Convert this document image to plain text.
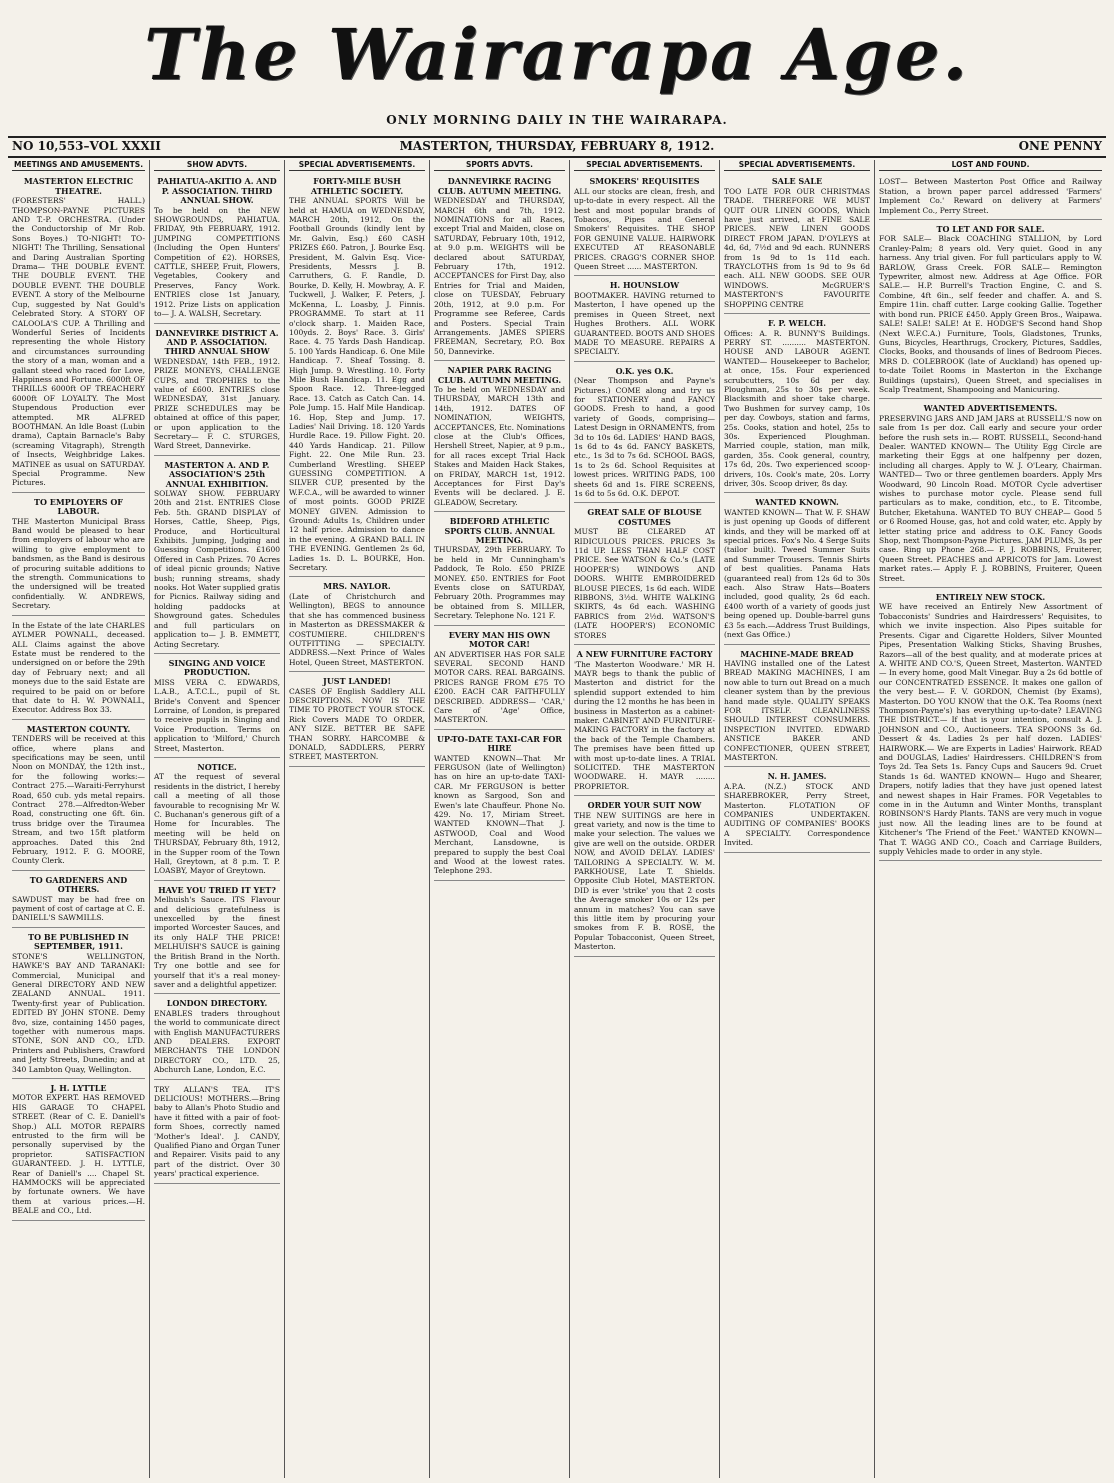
The Wairarapa Age.
ONLY MORNING DAILY IN THE WAIRARAPA.
NO 10,553–VOL XXXII	MASTERTON, THURSDAY, FEBRUARY 8, 1912.	ONE PENNY
MEETINGS AND AMUSEMENTS.
MASTERTON ELECTRIC THEATRE.
(FORESTERS' HALL.) THOMPSON-PAYNE PICTURES AND T.-P. ORCHESTRA. (Under the Conductorship of Mr Rob. Sons Boyes.) TO-NIGHT! TO-NIGHT! The Thrilling, Sensational and Daring Australian Sporting Drama— THE DOUBLE EVENT. THE DOUBLE EVENT. THE DOUBLE EVENT. THE DOUBLE EVENT. A story of the Melbourne Cup, suggested by Nat Gould's Celebrated Story. A STORY OF CALOOLA'S CUP. A Thrilling and Wonderful Series of Incidents representing the whole History and circumstances surrounding the story of a man, woman and a gallant steed who raced for Love, Happiness and Fortune. 6000ft OF THRILLS 6000ft OF TREACHERY 6000ft OF LOYALTY. The Most Stupendous Production ever attempted. MR ALFRED BOOTHMAN. An Idle Boast (Lubin drama), Captain Barnacle's Baby (screaming Vitagraph), Strength of Insects, Weighbridge Lakes. MATINEE as usual on SATURDAY. Special Programme. New Pictures.
TO EMPLOYERS OF LABOUR.
THE Masterton Municipal Brass Band would be pleased to hear from employers of labour who are willing to give employment to bandsmen, as the Band is desirous of procuring suitable additions to the strength. Communications to the undersigned will be treated confidentially. W. ANDREWS, Secretary.
In the Estate of the late CHARLES AYLMER POWNALL, deceased. ALL Claims against the above Estate must be rendered to the undersigned on or before the 29th day of February next; and all moneys due to the said Estate are required to be paid on or before that date to H. W. POWNALL, Executor. Address Box 33.
MASTERTON COUNTY.
TENDERS will be received at this office, where plans and specifications may be seen, until Noon on MONDAY, the 12th inst., for the following works:— Contract 275.—Waraiti-Ferryhurst Road, 650 cub. yds metal repairs. Contract 278.—Alfredton-Weber Road, constructing one 6ft. 6in. truss bridge over the Tiraumea Stream, and two 15ft platform approaches. Dated this 2nd February, 1912. F. G. MOORE, County Clerk.
TO GARDENERS AND OTHERS.
SAWDUST may be had free on payment of cost of cartage at C. E. DANIELL'S SAWMILLS.
TO BE PUBLISHED IN SEPTEMBER, 1911.
STONE'S WELLINGTON, HAWKE'S BAY AND TARANAKI: Commercial, Municipal and General DIRECTORY AND NEW ZEALAND ANNUAL. 1911. Twenty-first year of Publication. EDITED BY JOHN STONE. Demy 8vo, size, containing 1450 pages, together with numerous maps. STONE, SON AND CO., LTD. Printers and Publishers, Crawford and Jetty Streets, Dunedin; and at 340 Lambton Quay, Wellington.
J. H. LYTTLE
MOTOR EXPERT. HAS REMOVED HIS GARAGE TO CHAPEL STREET. (Rear of C. E. Daniell's Shop.) ALL MOTOR REPAIRS entrusted to the firm will be personally supervised by the proprietor. SATISFACTION GUARANTEED. J. H. LYTTLE, Rear of Daniell's .... Chapel St. HAMMOCKS will be appreciated by fortunate owners. We have them at various prices.—H. BEALE and CO., Ltd.
SHOW ADVTS.
PAHIATUA-AKITIO A. AND P. ASSOCIATION. THIRD ANNUAL SHOW.
To be held on the NEW SHOWGROUNDS, PAHIATUA. FRIDAY, 9th FEBRUARY, 1912. JUMPING COMPETITIONS (Including the Open Hunters' Competition of £2). HORSES, CATTLE, SHEEP, Fruit, Flowers, Vegetables, Cookery and Preserves, Fancy Work. ENTRIES close 1st January, 1912. Prize Lists on application to— J. A. WALSH, Secretary.
DANNEVIRKE DISTRICT A. AND P. ASSOCIATION. THIRD ANNUAL SHOW
WEDNESDAY, 14th FEB., 1912. PRIZE MONEYS, CHALLENGE CUPS, and TROPHIES to the value of £600. ENTRIES close WEDNESDAY, 31st January. PRIZE SCHEDULES may be obtained at office of this paper, or upon application to the Secretary— F. C. STURGES, Ward Street, Dannevirke.
MASTERTON A. AND P. ASSOCIATION'S 25th ANNUAL EXHIBITION.
SOLWAY SHOW. FEBRUARY 20th and 21st. ENTRIES Close Feb. 5th. GRAND DISPLAY of Horses, Cattle, Sheep, Pigs, Produce, and Horticultural Exhibits. Jumping, Judging and Guessing Competitions. £1600 Offered in Cash Prizes. 70 Acres of ideal picnic grounds; Native bush; running streams, shady nooks. Hot Water supplied gratis for Picnics. Railway siding and holding paddocks at Showground gates. Schedules and full particulars on application to— J. B. EMMETT, Acting Secretary.
SINGING AND VOICE PRODUCTION.
MISS VERA C. EDWARDS, L.A.B., A.T.C.L., pupil of St. Bride's Convent and Spencer Lorraine, of London, is prepared to receive pupils in Singing and Voice Production. Terms on application to 'Milford,' Church Street, Masterton.
NOTICE.
AT the request of several residents in the district, I hereby call a meeting of all those favourable to recognising Mr W. C. Buchanan's generous gift of a Home for Incurables. The meeting will be held on THURSDAY, February 8th, 1912, in the Supper room of the Town Hall, Greytown, at 8 p.m. T. P. LOASBY, Mayor of Greytown.
HAVE YOU TRIED IT YET?
Melhuish's Sauce. ITS Flavour and delicious gratefulness is unexcelled by the finest imported Worcester Sauces, and its only HALF THE PRICE! MELHUISH'S SAUCE is gaining the British Brand in the North. Try one bottle and see for yourself that it's a real money-saver and a delightful appetizer.
LONDON DIRECTORY.
ENABLES traders throughout the world to communicate direct with English MANUFACTURERS AND DEALERS. EXPORT MERCHANTS THE LONDON DIRECTORY CO., LTD. 25, Abchurch Lane, London, E.C.
TRY ALLAN'S TEA. IT'S DELICIOUS! MOTHERS.—Bring baby to Allan's Photo Studio and have it fitted with a pair of foot-form Shoes, correctly named 'Mother's Ideal'. J. CANDY, Qualified Piano and Organ Tuner and Repairer. Visits paid to any part of the district. Over 30 years' practical experience.
SPECIAL ADVERTISEMENTS.
FORTY-MILE BUSH ATHLETIC SOCIETY.
THE ANNUAL SPORTS Will be held at HAMUA on WEDNESDAY, MARCH 20th, 1912, On the Football Grounds (kindly lent by Mr. Galvin, Esq.) £60 CASH PRIZES £60. Patron, J. Bourke Esq. President, M. Galvin Esq. Vice-Presidents, Messrs J. B. Carruthers, G. F. Randle, D. Bourke, D. Kelly, H. Mowbray, A. F. Tuckwell, J. Walker, F. Peters, J. McKenna, L. Loasby, J. Finnis. PROGRAMME. To start at 11 o'clock sharp. 1. Maiden Race, 100yds. 2. Boys' Race. 3. Girls' Race. 4. 75 Yards Dash Handicap. 5. 100 Yards Handicap. 6. One Mile Handicap. 7. Sheaf Tossing. 8. High Jump. 9. Wrestling. 10. Forty Mile Bush Handicap. 11. Egg and Spoon Race. 12. Three-legged Race. 13. Catch as Catch Can. 14. Pole Jump. 15. Half Mile Handicap. 16. Hop, Step and Jump. 17. Ladies' Nail Driving. 18. 120 Yards Hurdle Race. 19. Pillow Fight. 20. 440 Yards Handicap. 21. Pillow Fight. 22. One Mile Run. 23. Cumberland Wrestling. SHEEP GUESSING COMPETITION. A SILVER CUP, presented by the W.F.C.A., will be awarded to winner of most points. GOOD PRIZE MONEY GIVEN. Admission to Ground: Adults 1s, Children under 12 half price. Admission to dance in the evening. A GRAND BALL IN THE EVENING. Gentlemen 2s 6d, Ladies 1s. D. L. BOURKE, Hon. Secretary.
MRS. NAYLOR.
(Late of Christchurch and Wellington), BEGS to announce that she has commenced business in Masterton as DRESSMAKER & COSTUMIERE. CHILDREN'S OUTFITTING — SPECIALTY. ADDRESS.—Next Prince of Wales Hotel, Queen Street, MASTERTON.
JUST LANDED!
CASES OF English Saddlery ALL DESCRIPTIONS. NOW IS THE TIME TO PROTECT YOUR STOCK. Rick Covers MADE TO ORDER, ANY SIZE. BETTER BE SAFE THAN SORRY. HARCOMBE & DONALD, SADDLERS, PERRY STREET, MASTERTON.
SPORTS ADVTS.
DANNEVIRKE RACING CLUB. AUTUMN MEETING.
WEDNESDAY and THURSDAY, MARCH 6th and 7th, 1912. NOMINATIONS for all Races, except Trial and Maiden, close on SATURDAY, February 10th, 1912, at 9.0 p.m. WEIGHTS will be declared about SATURDAY, February 17th, 1912. ACCEPTANCES for First Day, also Entries for Trial and Maiden, close on TUESDAY, February 20th, 1912, at 9.0 p.m. For Programme see Referee, Cards and Posters. Special Train Arrangements. JAMES SPIERS FREEMAN, Secretary, P.O. Box 50, Dannevirke.
NAPIER PARK RACING CLUB. AUTUMN MEETING.
To be held on WEDNESDAY and THURSDAY, MARCH 13th and 14th, 1912. DATES OF NOMINATION, WEIGHTS, ACCEPTANCES, Etc. Nominations close at the Club's Offices, Hershell Street, Napier, at 9 p.m., for all races except Trial Hack Stakes and Maiden Hack Stakes, on FRIDAY, MARCH 1st, 1912. Acceptances for First Day's Events will be declared. J. E. GLEADOW, Secretary.
BIDEFORD ATHLETIC SPORTS CLUB. ANNUAL MEETING.
THURSDAY, 29th FEBRUARY. To be held in Mr Cunningham's Paddock, Te Rolo. £50 PRIZE MONEY. £50. ENTRIES for Foot Events close on SATURDAY, February 20th. Programmes may be obtained from S. MILLER, Secretary. Telephone No. 121 F.
EVERY MAN HIS OWN MOTOR CAR!
AN ADVERTISER HAS FOR SALE SEVERAL SECOND HAND MOTOR CARS. REAL BARGAINS. PRICES RANGE FROM £75 TO £200. EACH CAR FAITHFULLY DESCRIBED. ADDRESS— 'CAR,' Care of 'Age' Office, MASTERTON.
UP-TO-DATE TAXI-CAR FOR HIRE
WANTED KNOWN—That Mr FERGUSON (late of Wellington) has on hire an up-to-date TAXI-CAR. Mr FERGUSON is better known as Sargood, Son and Ewen's late Chauffeur. Phone No. 429. No. 17, Miriam Street. WANTED KNOWN—That J. ASTWOOD, Coal and Wood Merchant, Lansdowne, is prepared to supply the best Coal and Wood at the lowest rates. Telephone 293.
SPECIAL ADVERTISEMENTS.
SMOKERS' REQUISITES
ALL our stocks are clean, fresh, and up-to-date in every respect. All the best and most popular brands of Tobaccos, Pipes and General Smokers' Requisites. THE SHOP FOR GENUINE VALUE. HAIRWORK EXECUTED AT REASONABLE PRICES. CRAGG'S CORNER SHOP. Queen Street ...... MASTERTON.
H. HOUNSLOW
BOOTMAKER. HAVING returned to Masterton, I have opened up the premises in Queen Street, next Hughes Brothers. ALL WORK GUARANTEED. BOOTS AND SHOES MADE TO MEASURE. REPAIRS A SPECIALTY.
O.K. yes O.K.
(Near Thompson and Payne's Pictures.) COME along and try us for STATIONERY and FANCY GOODS. Fresh to hand, a good variety of Goods, comprising— Latest Design in ORNAMENTS, from 3d to 10s 6d. LADIES' HAND BAGS, 1s 6d to 4s 6d. FANCY BASKETS, etc., 1s 3d to 7s 6d. SCHOOL BAGS, 1s to 2s 6d. School Requisites at lowest prices. WRITING PADS, 100 sheets 6d and 1s. FIRE SCREENS, 1s 6d to 5s 6d. O.K. DEPOT.
GREAT SALE OF BLOUSE COSTUMES
MUST BE CLEARED AT RIDICULOUS PRICES. PRICES 3s 11d UP. LESS THAN HALF COST PRICE. See WATSON & Co.'s (LATE HOOPER'S) WINDOWS AND DOORS. WHITE EMBROIDERED BLOUSE PIECES, 1s 6d each. WIDE RIBBONS, 3½d. WHITE WALKING SKIRTS, 4s 6d each. WASHING FABRICS from 2½d. WATSON'S (LATE HOOPER'S) ECONOMIC STORES
A NEW FURNITURE FACTORY
'The Masterton Woodware.' MR H. MAYR begs to thank the public of Masterton and district for the splendid support extended to him during the 12 months he has been in business in Masterton as a cabinet-maker. CABINET AND FURNITURE-MAKING FACTORY in the factory at the back of the Temple Chambers. The premises have been fitted up with most up-to-date lines. A TRIAL SOLICITED. THE MASTERTON WOODWARE. H. MAYR ........ PROPRIETOR.
ORDER YOUR SUIT NOW
THE NEW SUITINGS are here in great variety, and now is the time to make your selection. The values we give are well on the outside. ORDER NOW, and AVOID DELAY. LADIES' TAILORING A SPECIALTY. W. M. PARKHOUSE, Late T. Shields. Opposite Club Hotel, MASTERTON. DID is ever 'strike' you that 2 costs the Average smoker 10s or 12s per annum in matches? You can save this little item by procuring your smokes from F. B. ROSE, the Popular Tobacconist, Queen Street, Masterton.
SPECIAL ADVERTISEMENTS.
SALE SALE
TOO LATE FOR OUR CHRISTMAS TRADE. THEREFORE WE MUST QUIT OUR LINEN GOODS, Which have just arrived, at FINE SALE PRICES. NEW LINEN GOODS DIRECT FROM JAPAN. D'OYLEYS at 4d, 6d, 7½d and 9d each. RUNNERS from 1s 9d to 1s 11d each. TRAYCLOTHS from 1s 9d to 9s 6d each. ALL NEW GOODS. SEE OUR WINDOWS. McGRUER'S MASTERTON'S FAVOURITE SHOPPING CENTRE
F. P. WELCH.
Offices: A. R. BUNNY'S Buildings. PERRY ST. .......... MASTERTON. HOUSE AND LABOUR AGENT. WANTED— Housekeeper to Bachelor, at once, 15s. Four experienced scrubcutters, 10s 6d per day. Ploughman, 25s to 30s per week. Blacksmith and shoer take charge. Two Bushmen for survey camp, 10s per day. Cowboys, station and farms, 25s. Cooks, station and hotel, 25s to 30s. Experienced Ploughman. Married couple, station, man milk, garden, 35s. Cook general, country, 17s 6d, 20s. Two experienced scoop-drivers, 10s. Cook's mate, 20s. Lorry driver, 30s. Scoop driver, 8s day.
WANTED KNOWN.
WANTED KNOWN— That W. F. SHAW is just opening up Goods of different kinds, and they will be marked off at special prices. Fox's No. 4 Serge Suits (tailor built). Tweed Summer Suits and Summer Trousers. Tennis Shirts of best qualities. Panama Hats (guaranteed real) from 12s 6d to 30s each. Also Straw Hats—Boaters included, good quality, 2s 6d each. £400 worth of a variety of goods just being opened up. Double-barrel guns £3 5s each.—Address Trust Buildings, (next Gas Office.)
MACHINE-MADE BREAD
HAVING installed one of the Latest BREAD MAKING MACHINES, I am now able to turn out Bread on a much cleaner system than by the previous hand made style. QUALITY SPEAKS FOR ITSELF. CLEANLINESS SHOULD INTEREST CONSUMERS. INSPECTION INVITED. EDWARD ANSTICE BAKER AND CONFECTIONER, QUEEN STREET, MASTERTON.
N. H. JAMES.
A.P.A. (N.Z.) STOCK AND SHAREBROKER, Perry Street, Masterton. FLOTATION OF COMPANIES UNDERTAKEN. AUDITING OF COMPANIES' BOOKS A SPECIALTY. Correspondence Invited.
LOST AND FOUND.
LOST— Between Masterton Post Office and Railway Station, a brown paper parcel addressed 'Farmers' Implement Co.' Reward on delivery at Farmers' Implement Co., Perry Street.
TO LET AND FOR SALE.
FOR SALE— Black COACHING STALLION, by Lord Cranley-Palm; 8 years old. Very quiet. Good in any harness. Any trial given. For full particulars apply to W. BARLOW, Grass Creek. FOR SALE— Remington Typewriter, almost new. Address at Age Office. FOR SALE.— H.P. Burrell's Traction Engine, C. and S. Combine, 4ft 6in., self feeder and chaffer. A. and S. Empire 11in. chaff cutter. Large cooking Gallie. Together with bond run. PRICE £450. Apply Green Bros., Waipawa. SALE! SALE! SALE! At E. HODGE'S Second hand Shop (Next W.F.C.A.) Furniture, Tools, Gladstones, Trunks, Guns, Bicycles, Hearthrugs, Crockery, Pictures, Saddles, Clocks, Books, and thousands of lines of Bedroom Pieces. MRS D. COLEBROOK (late of Auckland) has opened up-to-date Toilet Rooms in Masterton in the Exchange Buildings (upstairs), Queen Street, and specialises in Scalp Treatment, Shampooing and Manicuring.
WANTED ADVERTISEMENTS.
PRESERVING JARS AND JAM JARS at RUSSELL'S now on sale from 1s per doz. Call early and secure your order before the rush sets in.— ROBT. RUSSELL, Second-hand Dealer. WANTED KNOWN— The Utility Egg Circle are marketing their Eggs at one halfpenny per dozen, including all charges. Apply to W. J. O'Leary, Chairman. WANTED— Two or three gentlemen boarders. Apply Mrs Woodward, 90 Lincoln Road. MOTOR Cycle advertiser wishes to purchase motor cycle. Please send full particulars as to make, condition, etc., to E. Titcombe, Butcher, Eketahuna. WANTED TO BUY CHEAP— Good 5 or 6 Roomed House, gas, hot and cold water, etc. Apply by letter stating price and address to O.K. Fancy Goods Shop, next Thompson-Payne Pictures. JAM PLUMS, 3s per case. Ring up Phone 268.— F. J. ROBBINS, Fruiterer, Queen Street. PEACHES and APRICOTS for Jam. Lowest market rates.— Apply F. J. ROBBINS, Fruiterer, Queen Street.
ENTIRELY NEW STOCK.
WE have received an Entirely New Assortment of Tobacconists' Sundries and Hairdressers' Requisites, to which we invite inspection. Also Pipes suitable for Presents. Cigar and Cigarette Holders, Silver Mounted Pipes, Presentation Walking Sticks, Shaving Brushes, Razors—all of the best quality, and at moderate prices at A. WHITE AND CO.'S, Queen Street, Masterton. WANTED— In every home, good Malt Vinegar. Buy a 2s 6d bottle of our CONCENTRATED ESSENCE. It makes one gallon of the very best.— F. V. GORDON, Chemist (by Exams), Masterton. DO YOU KNOW that the O.K. Tea Rooms (next Thompson-Payne's) has everything up-to-date? LEAVING THE DISTRICT.— If that is your intention, consult A. J. JOHNSON and CO., Auctioneers. TEA SPOONS 3s 6d. Dessert & 4s. Ladies 2s per half dozen. LADIES' HAIRWORK.— We are Experts in Ladies' Hairwork. READ and DOUGLAS, Ladies' Hairdressers. CHILDREN'S from Toys 2d. Tea Sets 1s. Fancy Cups and Saucers 9d. Cruet Stands 1s 6d. WANTED KNOWN— Hugo and Shearer, Drapers, notify ladies that they have just opened latest and newest shapes in Hair Frames. FOR Vegetables to come in in the Autumn and Winter Months, transplant ROBINSON'S Hardy Plants. TANS are very much in vogue just now. All the leading lines are to be found at Kitchener's 'The Friend of the Feet.' WANTED KNOWN— That T. WAGG AND CO., Coach and Carriage Builders, supply Vehicles made to order in any style.
